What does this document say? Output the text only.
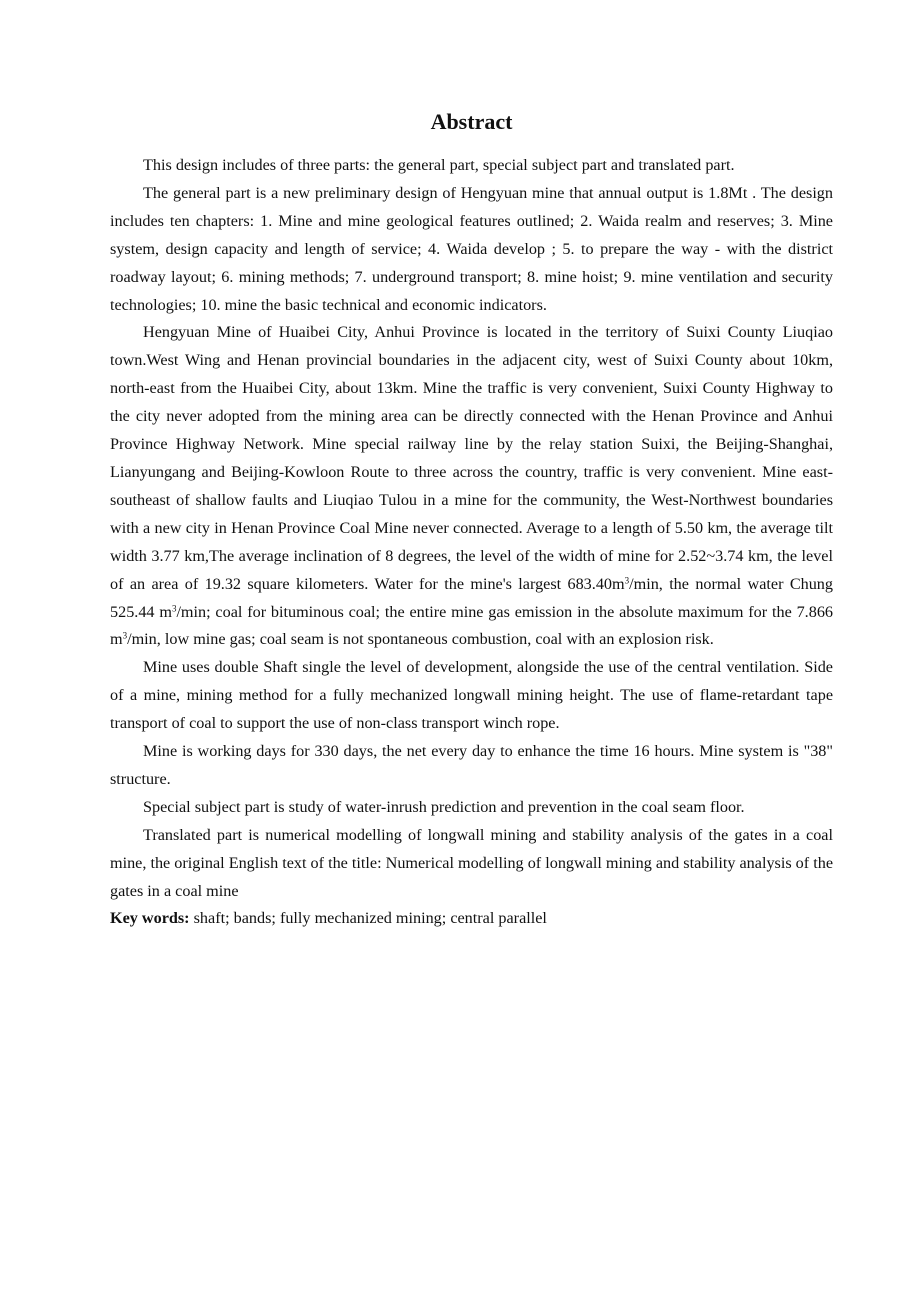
Abstract

This design includes of three parts: the general part, special subject part and translated part.

The general part is a new preliminary design of Hengyuan mine that annual output is 1.8Mt . The design includes ten chapters: 1. Mine and mine geological features outlined; 2. Waida realm and reserves; 3. Mine system, design capacity and length of service; 4. Waida develop ; 5. to prepare the way - with the district roadway layout; 6. mining methods; 7. underground transport; 8. mine hoist; 9. mine ventilation and security technologies; 10. mine the basic technical and economic indicators.

Hengyuan Mine of Huaibei City, Anhui Province is located in the territory of Suixi County Liuqiao town.West Wing and Henan provincial boundaries in the adjacent city, west of Suixi County about 10km, north-east from the Huaibei City, about 13km. Mine the traffic is very convenient, Suixi County Highway to the city never adopted from the mining area can be directly connected with the Henan Province and Anhui Province Highway Network. Mine special railway line by the relay station Suixi, the Beijing-Shanghai, Lianyungang and Beijing-Kowloon Route to three across the country, traffic is very convenient. Mine east-southeast of shallow faults and Liuqiao Tulou in a mine for the community, the West-Northwest boundaries with a new city in Henan Province Coal Mine never connected. Average to a length of 5.50 km, the average tilt width 3.77 km,The average inclination of 8 degrees, the level of the width of mine for 2.52~3.74 km, the level of an area of 19.32 square kilometers. Water for the mine's largest $683.40m^3/\min$, the normal water Chung 525.44 $m^3/\min$; coal for bituminous coal; the entire mine gas emission in the absolute maximum for the 7.866 $m^3/\min$, low mine gas; coal seam is not spontaneous combustion, coal with an explosion risk.

Mine uses double Shaft single the level of development, alongside the use of the central ventilation. Side of a mine, mining method for a fully mechanized longwall mining height. The use of flame-retardant tape transport of coal to support the use of non-class transport winch rope.

Mine is working days for 330 days, the net every day to enhance the time 16 hours. Mine system is "38" structure.

Special subject part is study of water-inrush prediction and prevention in the coal seam floor.

Translated part is numerical modelling of longwall mining and stability analysis of the gates in a coal mine, the original English text of the title: Numerical modelling of longwall mining and stability analysis of the gates in a coal mine

Key words: shaft; bands; fully mechanized mining; central parallel
